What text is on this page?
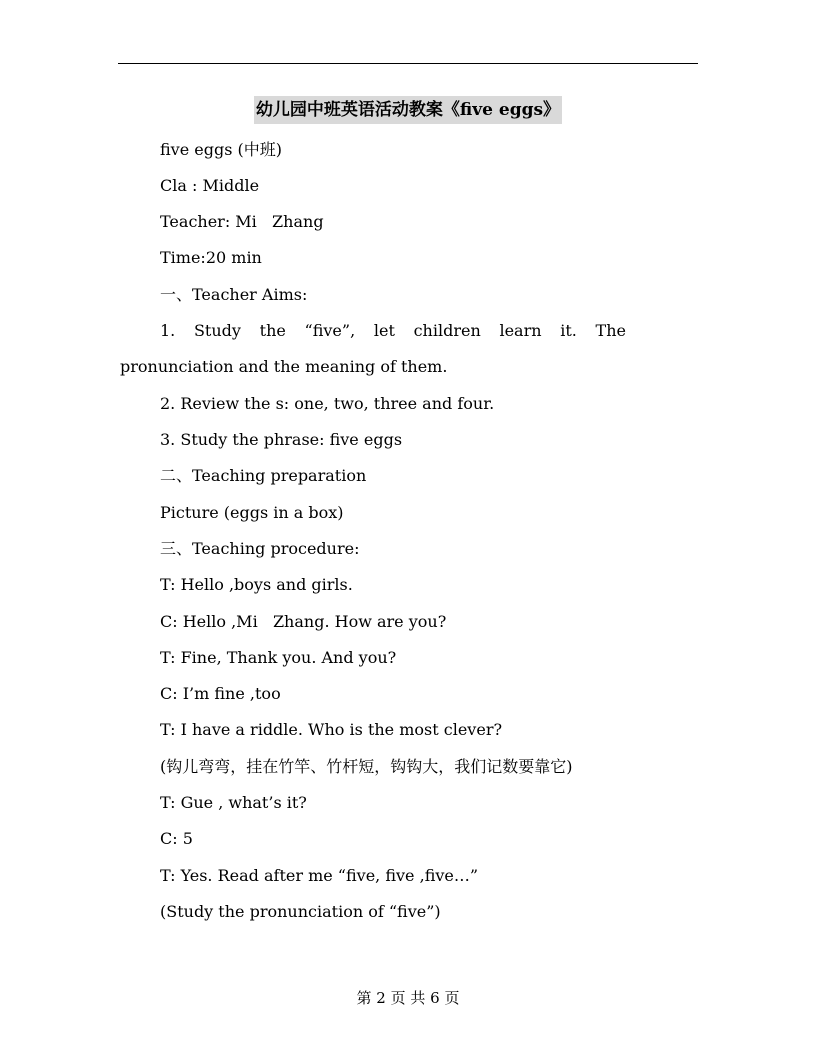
幼儿园中班英语活动教案《five eggs》
five eggs (中班)
Cla : Middle
Teacher: Mi   Zhang
Time:20 min
一、Teacher Aims:
1. Study the “five”, let children learn it. The
pronunciation and the meaning of them.
2. Review the s: one, two, three and four.
3. Study the phrase: five eggs
二、Teaching preparation
Picture (eggs in a box)
三、Teaching procedure:
T: Hello ,boys and girls.
C: Hello ,Mi   Zhang. How are you?
T: Fine, Thank you. And you?
C: I’m fine ,too
T: I have a riddle. Who is the most clever?
(钩儿弯弯，挂在竹竿、竹杆短，钩钩大，我们记数要靠它)
T: Gue , what’s it?
C: 5
T: Yes. Read after me “five, five ,five…”
(Study the pronunciation of “five”)
第 2 页 共 6 页
